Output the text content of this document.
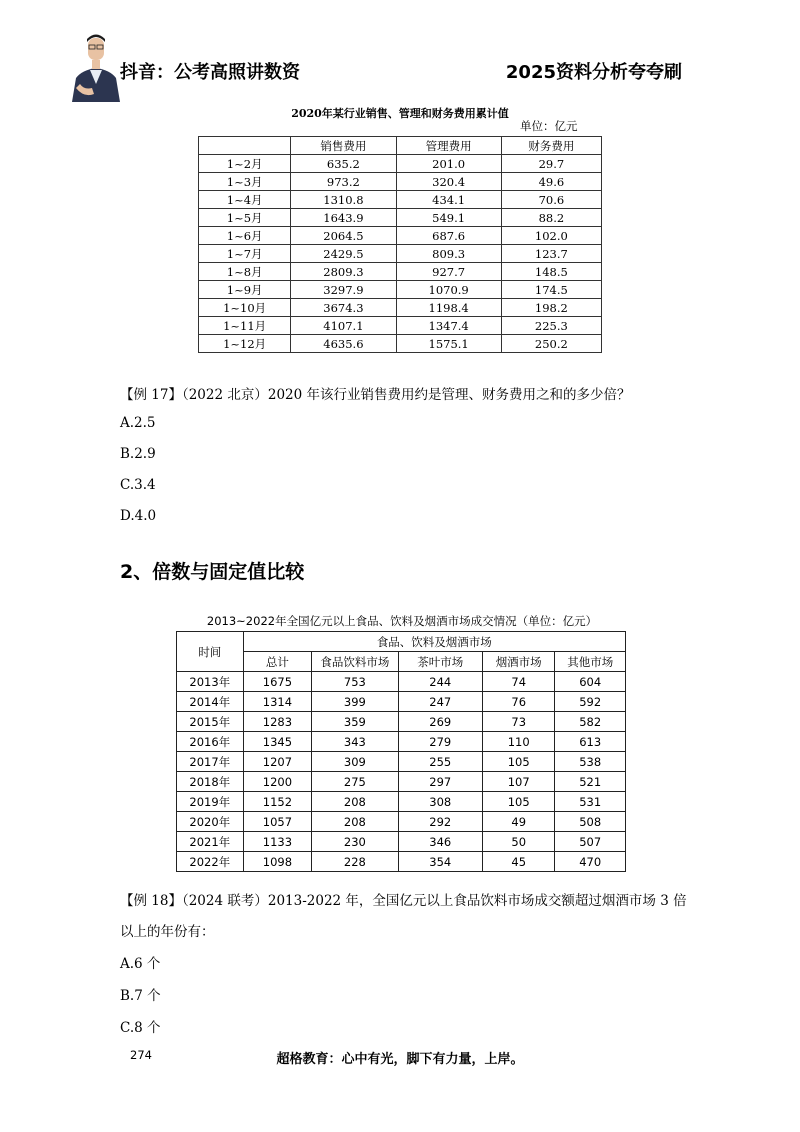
抖音：公考高照讲数资	2025资料分析夸夸刷
2020年某行业销售、管理和财务费用累计值
单位：亿元
	销售费用	管理费用	财务费用
1~2月	635.2	201.0	29.7
1~3月	973.2	320.4	49.6
1~4月	1310.8	434.1	70.6
1~5月	1643.9	549.1	88.2
1~6月	2064.5	687.6	102.0
1~7月	2429.5	809.3	123.7
1~8月	2809.3	927.7	148.5
1~9月	3297.9	1070.9	174.5
1~10月	3674.3	1198.4	198.2
1~11月	4107.1	1347.4	225.3
1~12月	4635.6	1575.1	250.2
【例 17】（2022 北京）2020 年该行业销售费用约是管理、财务费用之和的多少倍？
A.2.5
B.2.9
C.3.4
D.4.0
2、倍数与固定值比较
2013~2022年全国亿元以上食品、饮料及烟酒市场成交情况（单位：亿元）
时间	食品、饮料及烟酒市场				
	总计	食品饮料市场	茶叶市场	烟酒市场	其他市场
2013年	1675	753	244	74	604
2014年	1314	399	247	76	592
2015年	1283	359	269	73	582
2016年	1345	343	279	110	613
2017年	1207	309	255	105	538
2018年	1200	275	297	107	521
2019年	1152	208	308	105	531
2020年	1057	208	292	49	508
2021年	1133	230	346	50	507
2022年	1098	228	354	45	470
【例 18】（2024 联考）2013-2022 年，全国亿元以上食品饮料市场成交额超过烟酒市场 3 倍
以上的年份有：
A.6 个
B.7 个
C.8 个
274	超格教育：心中有光，脚下有力量，上岸。
